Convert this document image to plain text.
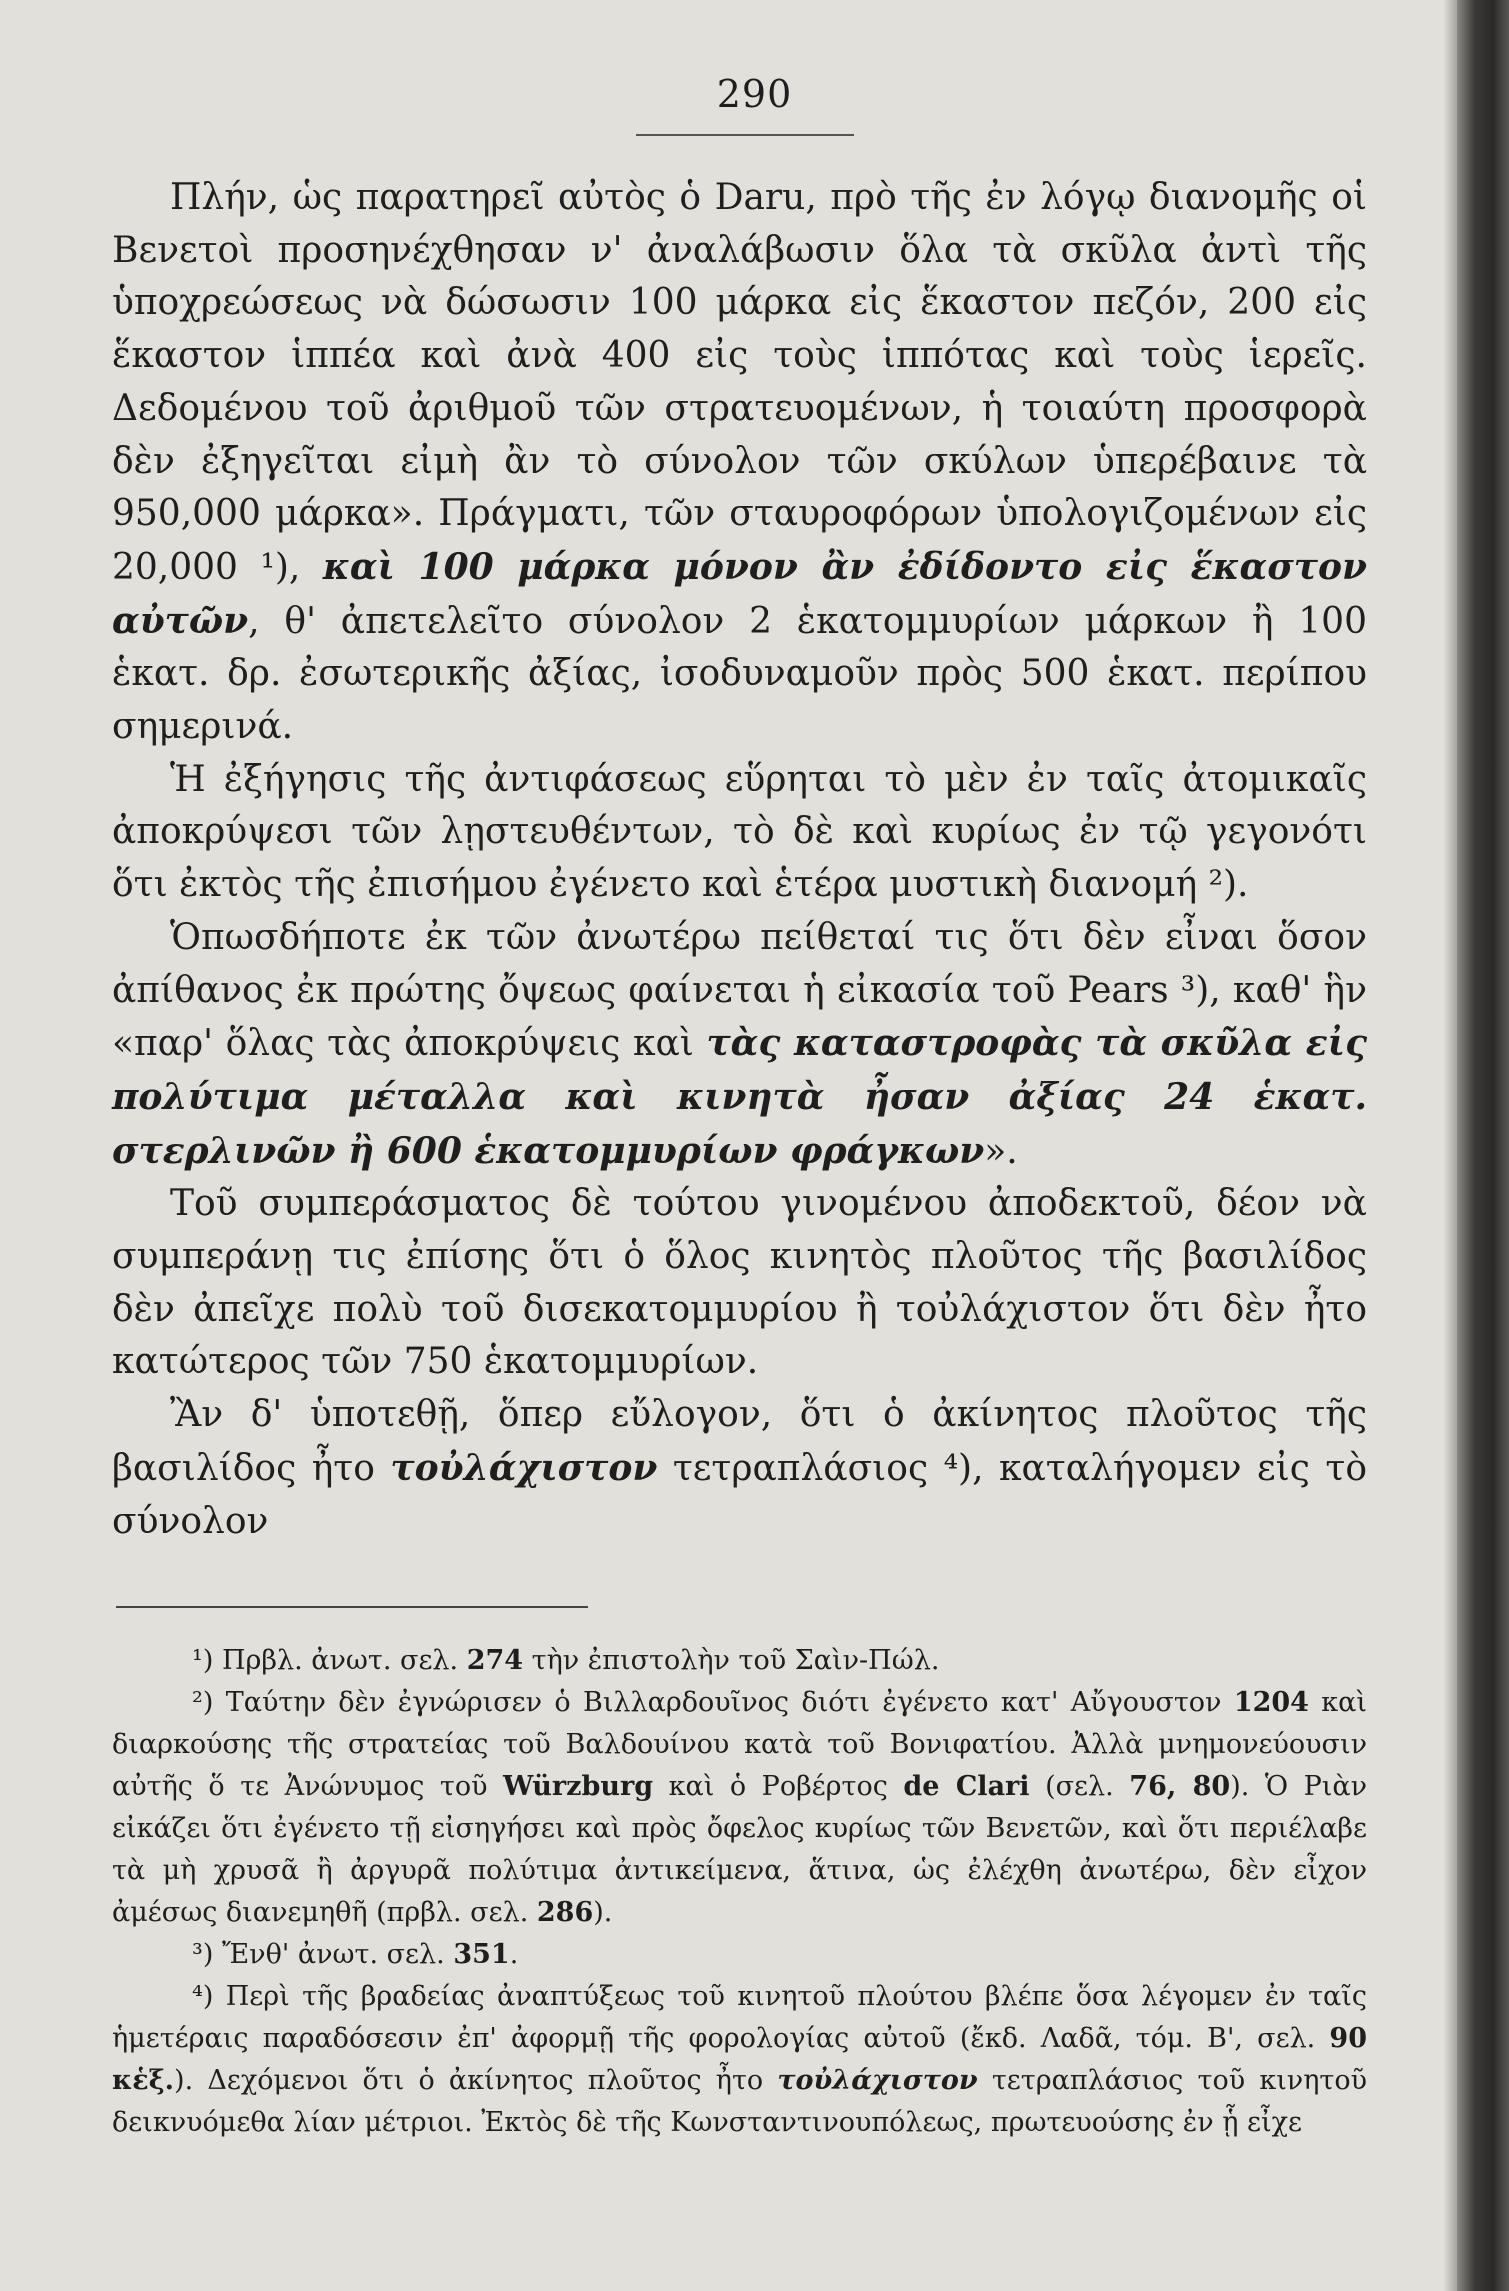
290

Πλήν, ὡς παρατηρεῖ αὐτὸς ὁ Daru, πρὸ τῆς ἐν λόγῳ διανομῆς οἱ Βενετοὶ προσηνέχθησαν ν' ἀναλάβωσιν ὅλα τὰ σκῦλα ἀντὶ τῆς ὑποχρεώσεως νὰ δώσωσιν 100 μάρκα εἰς ἕκαστον πεζόν, 200 εἰς ἕκαστον ἱππέα καὶ ἀνὰ 400 εἰς τοὺς ἱππότας καὶ τοὺς ἱερεῖς. Δεδομένου τοῦ ἀριθμοῦ τῶν στρατευομένων, ἡ τοιαύτη προσφορὰ δὲν ἐξηγεῖται εἰμὴ ἂν τὸ σύνολον τῶν σκύλων ὑπερέβαινε τὰ 950,000 μάρκα». Πράγματι, τῶν σταυροφόρων ὑπολογιζομένων εἰς 20,000 ¹), καὶ 100 μάρκα μόνον ἂν ἐδίδοντο εἰς ἕκαστον αὐτῶν, θ' ἀπετελεῖτο σύνολον 2 ἑκατομμυρίων μάρκων ἢ 100 ἑκατ. δρ. ἐσωτερικῆς ἀξίας, ἰσοδυναμοῦν πρὸς 500 ἑκατ. περίπου σημερινά.

Ἡ ἐξήγησις τῆς ἀντιφάσεως εὕρηται τὸ μὲν ἐν ταῖς ἀτομικαῖς ἀποκρύψεσι τῶν λῃστευθέντων, τὸ δὲ καὶ κυρίως ἐν τῷ γεγονότι ὅτι ἐκτὸς τῆς ἐπισήμου ἐγένετο καὶ ἑτέρα μυστικὴ διανομή ²).

Ὁπωσδήποτε ἐκ τῶν ἀνωτέρω πείθεταί τις ὅτι δὲν εἶναι ὅσον ἀπίθανος ἐκ πρώτης ὄψεως φαίνεται ἡ εἰκασία τοῦ Pears ³), καθ' ἣν «παρ' ὅλας τὰς ἀποκρύψεις καὶ τὰς καταστροφὰς τὰ σκῦλα εἰς πολύτιμα μέταλλα καὶ κινητὰ ἦσαν ἀξίας 24 ἑκατ. στερλινῶν ἢ 600 ἑκατομμυρίων φράγκων».

Τοῦ συμπεράσματος δὲ τούτου γινομένου ἀποδεκτοῦ, δέον νὰ συμπεράνῃ τις ἐπίσης ὅτι ὁ ὅλος κινητὸς πλοῦτος τῆς βασιλίδος δὲν ἀπεῖχε πολὺ τοῦ δισεκατομμυρίου ἢ τοὐλάχιστον ὅτι δὲν ἦτο κατώτερος τῶν 750 ἑκατομμυρίων.

Ἂν δ' ὑποτεθῇ, ὅπερ εὔλογον, ὅτι ὁ ἀκίνητος πλοῦτος τῆς βασιλίδος ἦτο τοὐλάχιστον τετραπλάσιος ⁴), καταλήγομεν εἰς τὸ σύνολον

¹) Πρβλ. ἀνωτ. σελ. 274 τὴν ἐπιστολὴν τοῦ Σαὶν-Πώλ.

²) Ταύτην δὲν ἐγνώρισεν ὁ Βιλλαρδουῖνος διότι ἐγένετο κατ' Αὔγουστον 1204 καὶ διαρκούσης τῆς στρατείας τοῦ Βαλδουίνου κατὰ τοῦ Βονιφατίου. Ἀλλὰ μνημονεύουσιν αὐτῆς ὅ τε Ἀνώνυμος τοῦ Würzburg καὶ ὁ Ροβέρτος de Clari (σελ. 76, 80). Ὁ Ριὰν εἰκάζει ὅτι ἐγένετο τῇ εἰσηγήσει καὶ πρὸς ὄφελος κυρίως τῶν Βενετῶν, καὶ ὅτι περιέλαβε τὰ μὴ χρυσᾶ ἢ ἀργυρᾶ πολύτιμα ἀντικείμενα, ἅτινα, ὡς ἐλέχθη ἀνωτέρω, δὲν εἶχον ἀμέσως διανεμηθῆ (πρβλ. σελ. 286).

³) Ἔνθ' ἀνωτ. σελ. 351.

⁴) Περὶ τῆς βραδείας ἀναπτύξεως τοῦ κινητοῦ πλούτου βλέπε ὅσα λέγομεν ἐν ταῖς ἡμετέραις παραδόσεσιν ἐπ' ἀφορμῇ τῆς φορολογίας αὐτοῦ (ἔκδ. Λαδᾶ, τόμ. Β', σελ. 90 κἑξ.). Δεχόμενοι ὅτι ὁ ἀκίνητος πλοῦτος ἦτο τοὐλάχιστον τετραπλάσιος τοῦ κινητοῦ δεικνυόμεθα λίαν μέτριοι. Ἐκτὸς δὲ τῆς Κωνσταντινουπόλεως, πρωτευούσης ἐν ᾗ εἶχε
